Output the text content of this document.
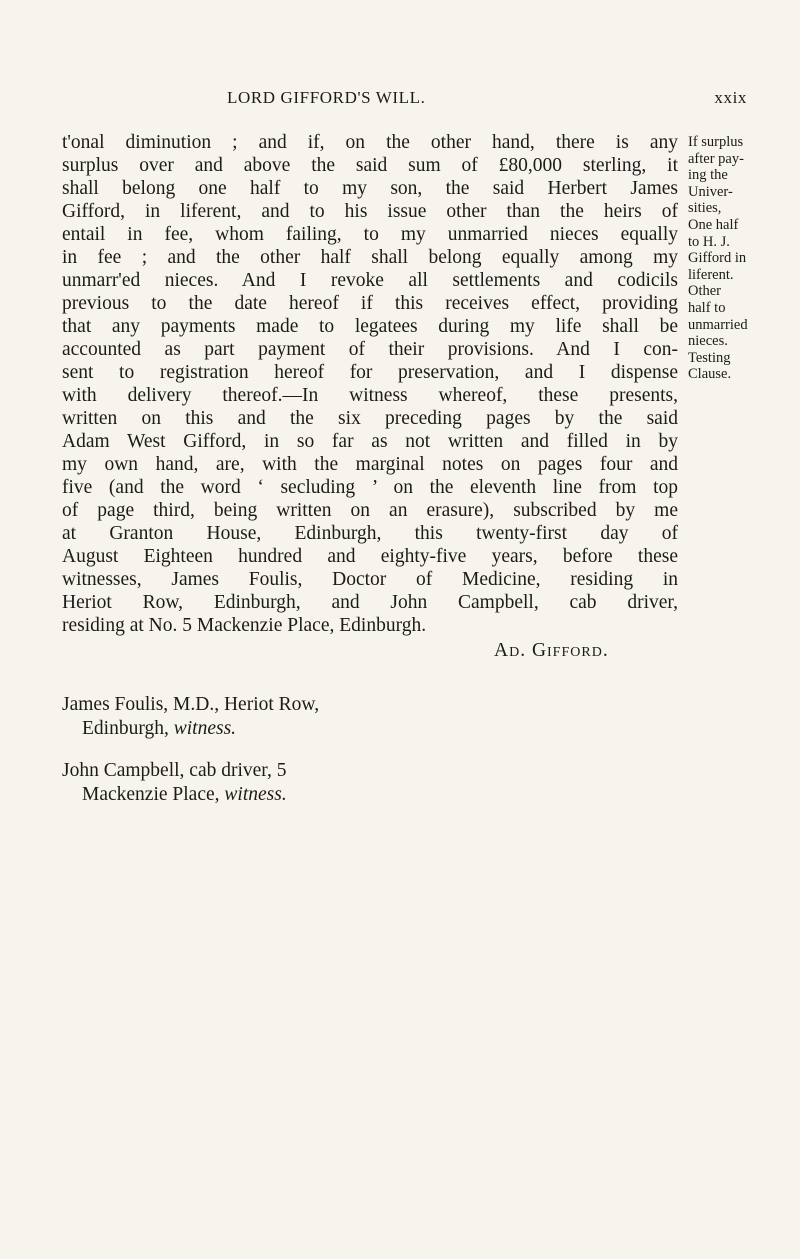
LORD GIFFORD'S WILL.	xxix
t'onal diminution ; and if, on the other hand, there is any
surplus over and above the said sum of £80,000 sterling, it
shall belong one half to my son, the said Herbert James
Gifford, in liferent, and to his issue other than the heirs of
entail in fee, whom failing, to my unmarried nieces equally
in fee ; and the other half shall belong equally among my
unmarr'ed nieces. And I revoke all settlements and codicils
previous to the date hereof if this receives effect, providing
that any payments made to legatees during my life shall be
accounted as part payment of their provisions. And I con-
sent to registration hereof for preservation, and I dispense
with delivery thereof.—In witness whereof, these presents,
written on this and the six preceding pages by the said
Adam West Gifford, in so far as not written and filled in by
my own hand, are, with the marginal notes on pages four and
five (and the word ‘ secluding ’ on the eleventh line from top
of page third, being written on an erasure), subscribed by me
at Granton House, Edinburgh, this twenty-first day of
August Eighteen hundred and eighty-five years, before these
witnesses, James Foulis, Doctor of Medicine, residing in
Heriot Row, Edinburgh, and John Campbell, cab driver,
residing at No. 5 Mackenzie Place, Edinburgh.
Ad. Gifford.
James Foulis, M.D., Heriot Row,
Edinburgh, witness.
John Campbell, cab driver, 5
Mackenzie Place, witness.
If surplus
after pay-
ing the
Univer-
sities,
One half
to H. J.
Gifford in
liferent.
Other
half to
unmarried
nieces.
Testing
Clause.
